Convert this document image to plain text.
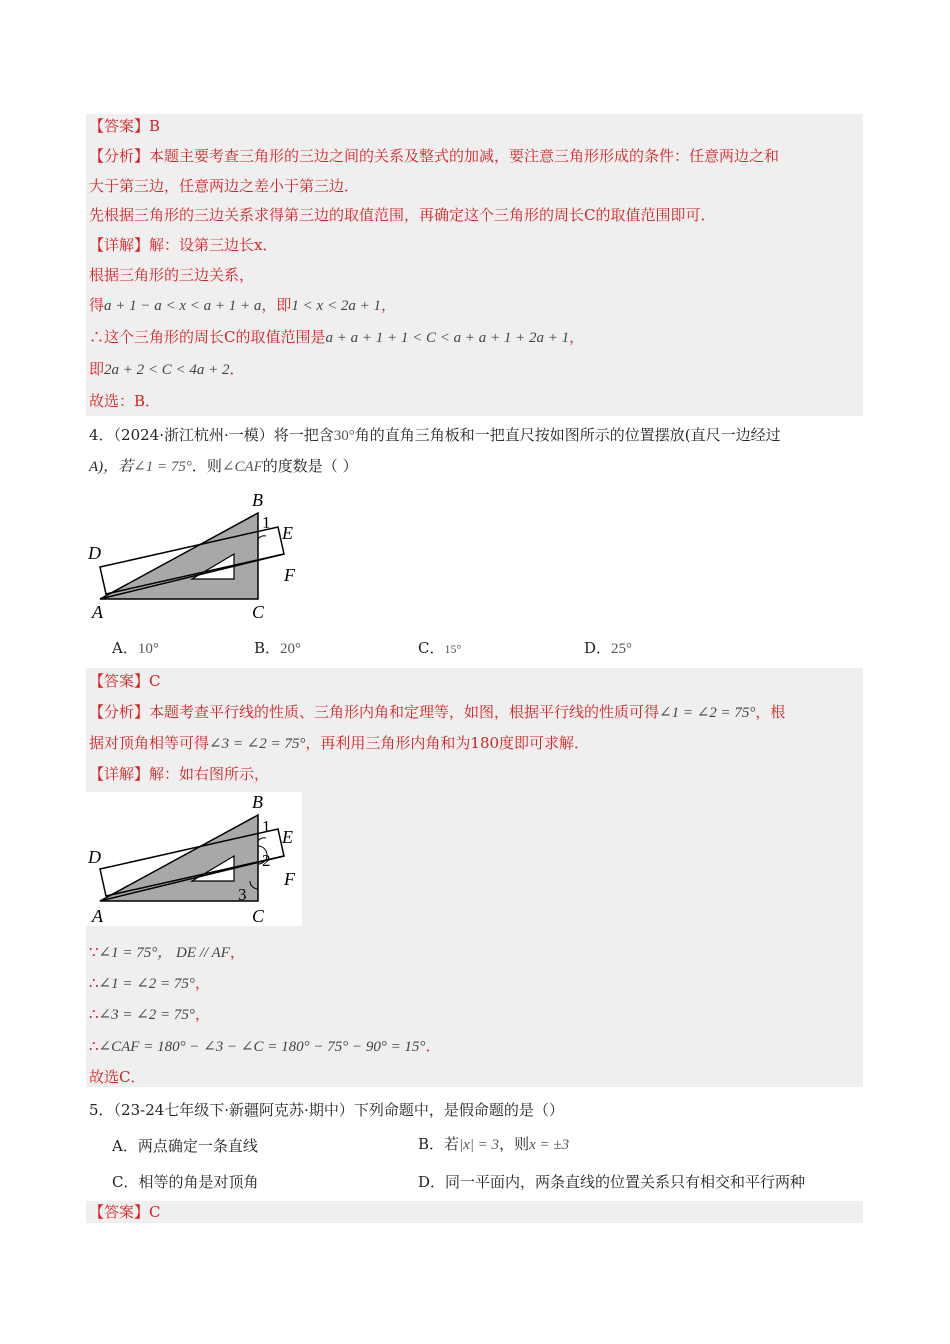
【答案】B
【分析】本题主要考查三角形的三边之间的关系及整式的加减，要注意三角形形成的条件：任意两边之和
大于第三边，任意两边之差小于第三边．
先根据三角形的三边关系求得第三边的取值范围，再确定这个三角形的周长C的取值范围即可．
【详解】解：设第三边长x．
根据三角形的三边关系，
得a + 1 − a < x < a + 1 + a，即1 < x < 2a + 1，
∴这个三角形的周长C的取值范围是a + a + 1 + 1 < C < a + a + 1 + 2a + 1，
即2a + 2 < C < 4a + 2．
故选：B．
4．（2024·浙江杭州·一模）将一把含30°角的直角三角板和一把直尺按如图所示的位置摆放(直尺一边经过
A)，若∠1 = 75°．则∠CAF的度数是（ ）
B
1
E
D
F
A	C
A．10°	B．20°	C．15°	D．25°
【答案】C
【分析】本题考查平行线的性质、三角形内角和定理等，如图，根据平行线的性质可得∠1 = ∠2 = 75°，根
据对顶角相等可得∠3 = ∠2 = 75°，再利用三角形内角和为180度即可求解．
【详解】解：如右图所示，
B
1
2
3
E
D
F
A	C
∵∠1 = 75°， DE // AF，
∴∠1 = ∠2 = 75°，
∴∠3 = ∠2 = 75°，
∴∠CAF = 180° − ∠3 − ∠C = 180° − 75° − 90° = 15°．
故选C．
5．（23-24七年级下·新疆阿克苏·期中）下列命题中，是假命题的是（）
A．两点确定一条直线	B．若|x| = 3，则x = ±3
C．相等的角是对顶角	D．同一平面内，两条直线的位置关系只有相交和平行两种
【答案】C
